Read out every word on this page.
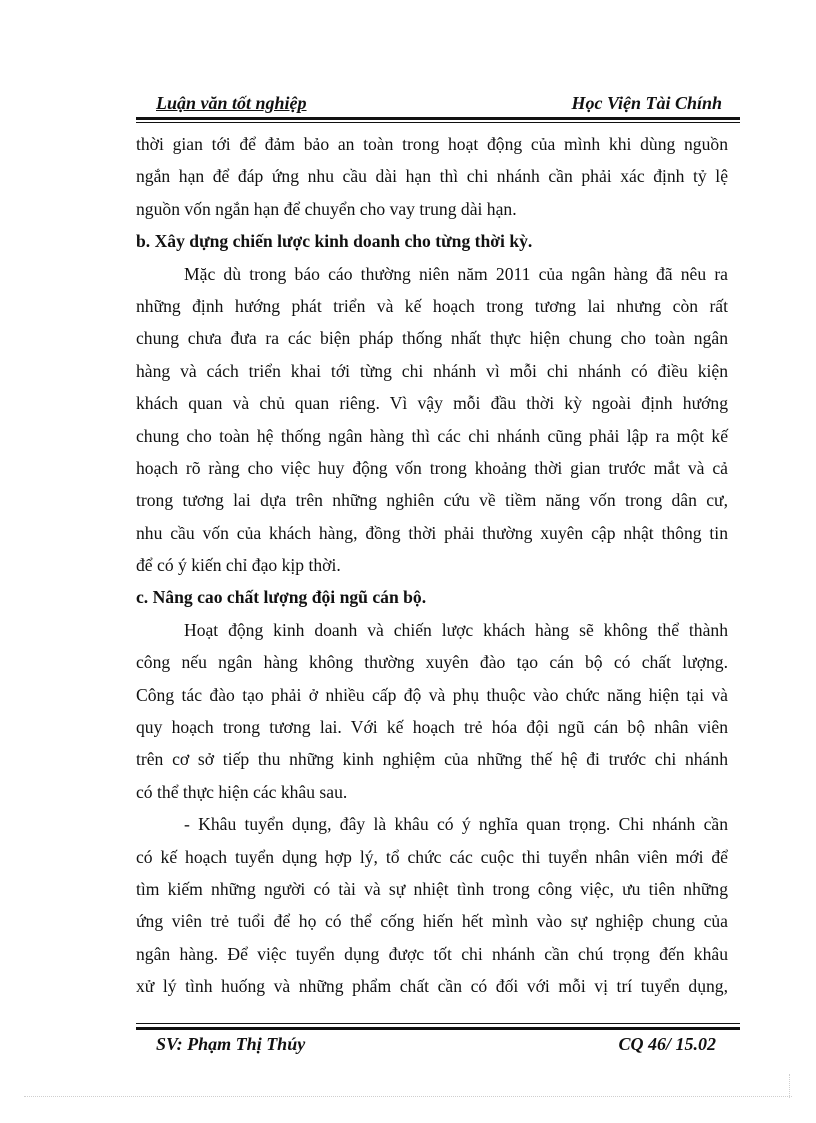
Luận văn tốt nghiệp	Học Viện Tài Chính
thời gian tới để đảm bảo an toàn trong hoạt động của mình khi dùng nguồn
ngắn hạn để đáp ứng nhu cầu dài hạn thì chi nhánh cần phải xác định tỷ lệ
nguồn vốn ngắn hạn để chuyển cho vay trung dài hạn.
b. Xây dựng chiến lược kinh doanh cho từng thời kỳ.
Mặc dù trong báo cáo thường niên năm 2011 của ngân hàng đã nêu ra
những định hướng phát triển và kế hoạch trong tương lai nhưng còn rất
chung chưa đưa ra các biện pháp thống nhất thực hiện chung cho toàn ngân
hàng và cách triển khai tới từng chi nhánh vì mỗi chi nhánh có điều kiện
khách quan và chủ quan riêng. Vì vậy mỗi đầu thời kỳ ngoài định hướng
chung cho toàn hệ thống ngân hàng thì các chi nhánh cũng phải lập ra một kế
hoạch rõ ràng cho việc huy động vốn trong khoảng thời gian trước mắt và cả
trong tương lai dựa trên những nghiên cứu về tiềm năng vốn trong dân cư,
nhu cầu vốn của khách hàng, đồng thời phải thường xuyên cập nhật thông tin
để có ý kiến chỉ đạo kịp thời.
c. Nâng cao chất lượng đội ngũ cán bộ.
Hoạt động kinh doanh và chiến lược khách hàng sẽ không thể thành
công nếu ngân hàng không thường xuyên đào tạo cán bộ có chất lượng.
Công tác đào tạo phải ở nhiều cấp độ và phụ thuộc vào chức năng hiện tại và
quy hoạch trong tương lai. Với kế hoạch trẻ hóa đội ngũ cán bộ nhân viên
trên cơ sở tiếp thu những kinh nghiệm của những thế hệ đi trước chi nhánh
có thể thực hiện các khâu sau.
- Khâu tuyển dụng, đây là khâu có ý nghĩa quan trọng. Chi nhánh cần
có kế hoạch tuyển dụng hợp lý, tổ chức các cuộc thi tuyển nhân viên mới để
tìm kiếm những người có tài và sự nhiệt tình trong công việc, ưu tiên những
ứng viên trẻ tuổi để họ có thể cống hiến hết mình vào sự nghiệp chung của
ngân hàng. Để việc tuyển dụng được tốt chi nhánh cần chú trọng đến khâu
xử lý tình huống và những phẩm chất cần có đối với mỗi vị trí tuyển dụng,
SV: Phạm Thị Thúy	CQ 46/ 15.02
